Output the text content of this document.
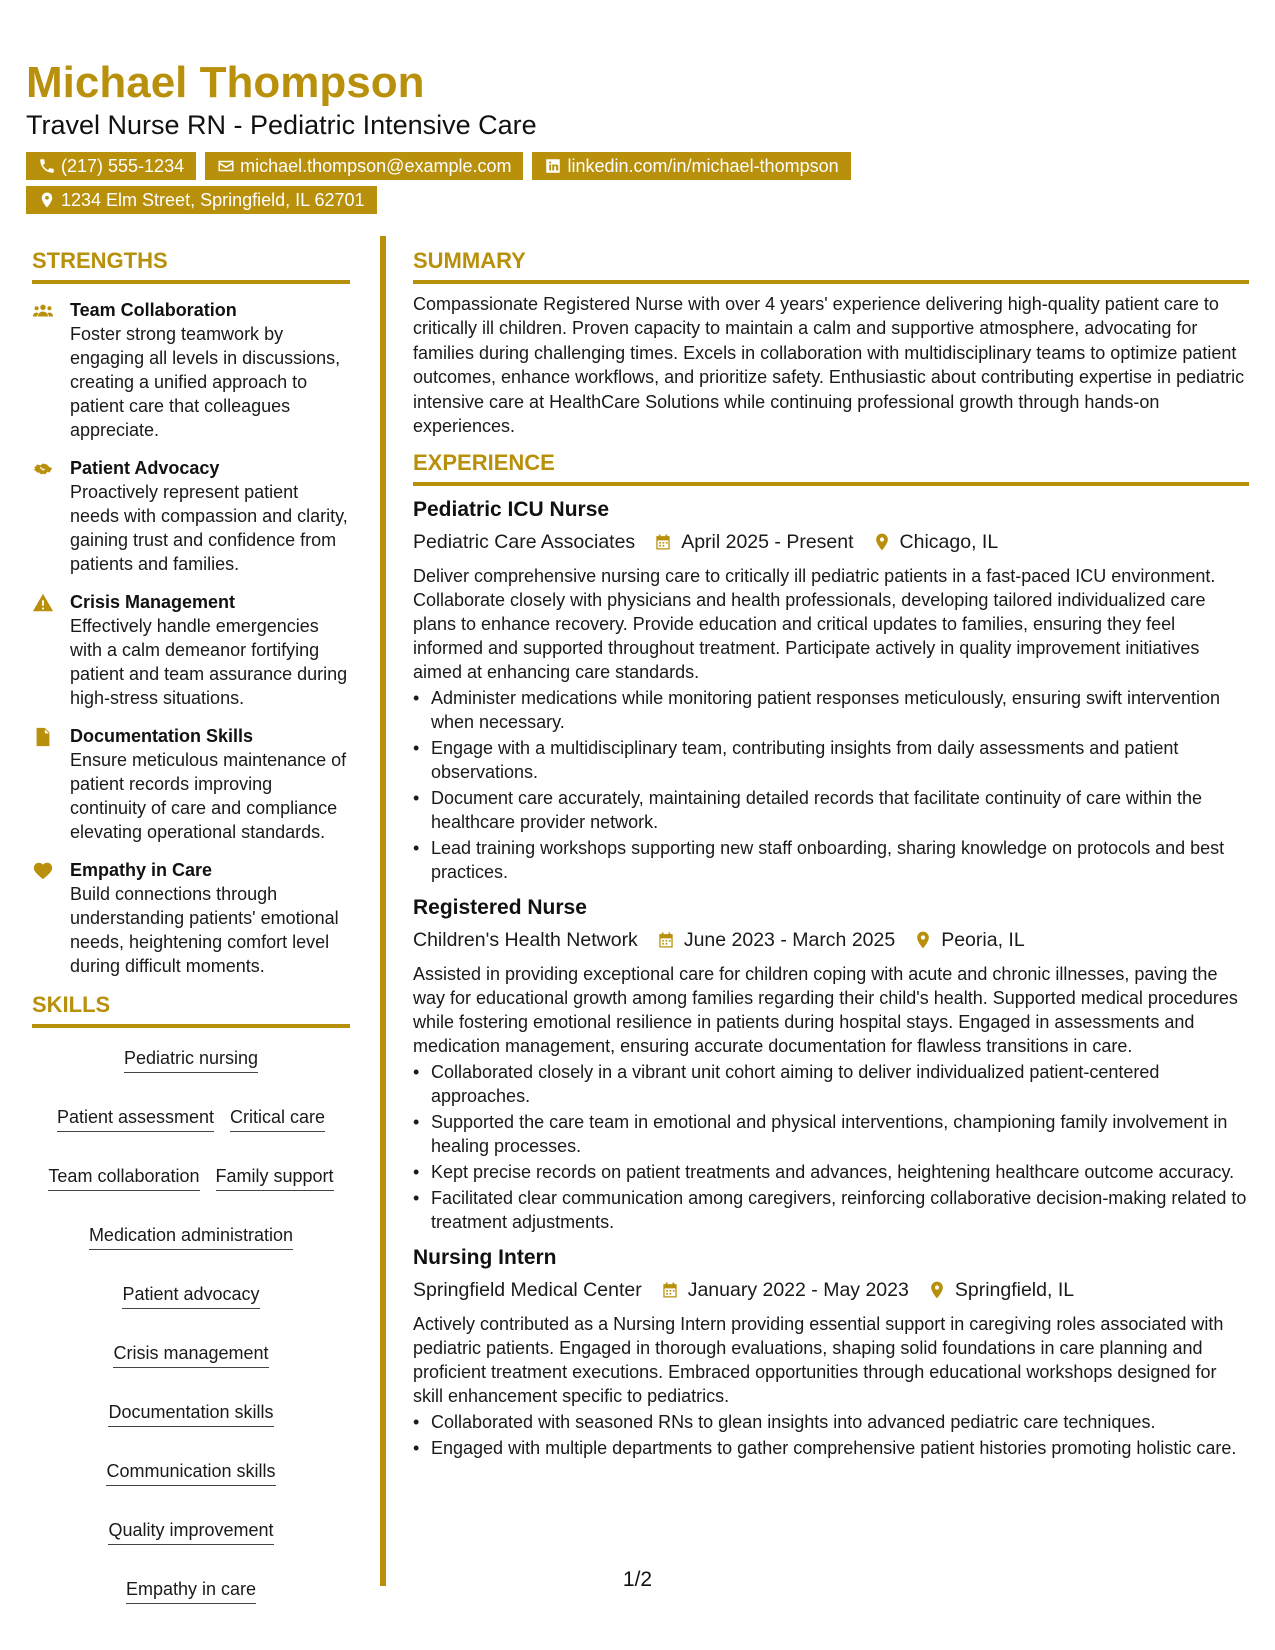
Michael Thompson
Travel Nurse RN - Pediatric Intensive Care
(217) 555-1234	michael.thompson@example.com	linkedin.com/in/michael-thompson
1234 Elm Street, Springfield, IL 62701
STRENGTHS
Team Collaboration
Foster strong teamwork by engaging all levels in discussions, creating a unified approach to patient care that colleagues appreciate.
Patient Advocacy
Proactively represent patient needs with compassion and clarity, gaining trust and confidence from patients and families.
Crisis Management
Effectively handle emergencies with a calm demeanor fortifying patient and team assurance during high-stress situations.
Documentation Skills
Ensure meticulous maintenance of patient records improving continuity of care and compliance elevating operational standards.
Empathy in Care
Build connections through understanding patients' emotional needs, heightening comfort level during difficult moments.
SKILLS
Pediatric nursing
Patient assessment Critical care
Team collaboration Family support
Medication administration
Patient advocacy
Crisis management
Documentation skills
Communication skills
Quality improvement
Empathy in care
SUMMARY
Compassionate Registered Nurse with over 4 years' experience delivering high-quality patient care to critically ill children. Proven capacity to maintain a calm and supportive atmosphere, advocating for families during challenging times. Excels in collaboration with multidisciplinary teams to optimize patient outcomes, enhance workflows, and prioritize safety. Enthusiastic about contributing expertise in pediatric intensive care at HealthCare Solutions while continuing professional growth through hands-on experiences.
EXPERIENCE
Pediatric ICU Nurse
Pediatric Care Associates April 2025 - Present Chicago, IL
Deliver comprehensive nursing care to critically ill pediatric patients in a fast-paced ICU environment. Collaborate closely with physicians and health professionals, developing tailored individualized care plans to enhance recovery. Provide education and critical updates to families, ensuring they feel informed and supported throughout treatment. Participate actively in quality improvement initiatives aimed at enhancing care standards.
• Administer medications while monitoring patient responses meticulously, ensuring swift intervention when necessary.
• Engage with a multidisciplinary team, contributing insights from daily assessments and patient observations.
• Document care accurately, maintaining detailed records that facilitate continuity of care within the healthcare provider network.
• Lead training workshops supporting new staff onboarding, sharing knowledge on protocols and best practices.
Registered Nurse
Children's Health Network June 2023 - March 2025 Peoria, IL
Assisted in providing exceptional care for children coping with acute and chronic illnesses, paving the way for educational growth among families regarding their child's health. Supported medical procedures while fostering emotional resilience in patients during hospital stays. Engaged in assessments and medication management, ensuring accurate documentation for flawless transitions in care.
• Collaborated closely in a vibrant unit cohort aiming to deliver individualized patient-centered approaches.
• Supported the care team in emotional and physical interventions, championing family involvement in healing processes.
• Kept precise records on patient treatments and advances, heightening healthcare outcome accuracy.
• Facilitated clear communication among caregivers, reinforcing collaborative decision-making related to treatment adjustments.
Nursing Intern
Springfield Medical Center January 2022 - May 2023 Springfield, IL
Actively contributed as a Nursing Intern providing essential support in caregiving roles associated with pediatric patients. Engaged in thorough evaluations, shaping solid foundations in care planning and proficient treatment executions. Embraced opportunities through educational workshops designed for skill enhancement specific to pediatrics.
• Collaborated with seasoned RNs to glean insights into advanced pediatric care techniques.
• Engaged with multiple departments to gather comprehensive patient histories promoting holistic care.
1/2
